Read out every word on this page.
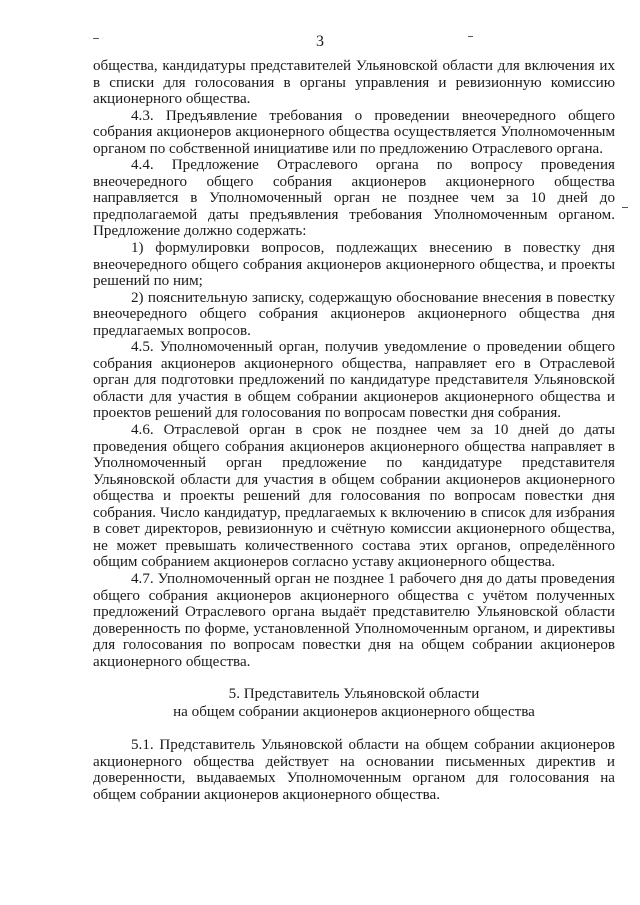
3

общества, кандидатуры представителей Ульяновской области для включения их в списки для голосования в органы управления и ревизионную комиссию акционерного общества.

4.3. Предъявление требования о проведении внеочередного общего собрания акционеров акционерного общества осуществляется Уполномоченным органом по собственной инициативе или по предложению Отраслевого органа.

4.4. Предложение Отраслевого органа по вопросу проведения внеочередного общего собрания акционеров акционерного общества направляется в Уполномоченный орган не позднее чем за 10 дней до предполагаемой даты предъявления требования Уполномоченным органом. Предложение должно содержать:

1) формулировки вопросов, подлежащих внесению в повестку дня внеочередного общего собрания акционеров акционерного общества, и проекты решений по ним;

2) пояснительную записку, содержащую обоснование внесения в повестку внеочередного общего собрания акционеров акционерного общества дня предлагаемых вопросов.

4.5. Уполномоченный орган, получив уведомление о проведении общего собрания акционеров акционерного общества, направляет его в Отраслевой орган для подготовки предложений по кандидатуре представителя Ульяновской области для участия в общем собрании акционеров акционерного общества и проектов решений для голосования по вопросам повестки дня собрания.

4.6. Отраслевой орган в срок не позднее чем за 10 дней до даты проведения общего собрания акционеров акционерного общества направляет в Уполномоченный орган предложение по кандидатуре представителя Ульяновской области для участия в общем собрании акционеров акционерного общества и проекты решений для голосования по вопросам повестки дня собрания. Число кандидатур, предлагаемых к включению в список для избрания в совет директоров, ревизионную и счётную комиссии акционерного общества, не может превышать количественного состава этих органов, определённого общим собранием акционеров согласно уставу акционерного общества.

4.7. Уполномоченный орган не позднее 1 рабочего дня до даты проведения общего собрания акционеров акционерного общества с учётом полученных предложений Отраслевого органа выдаёт представителю Ульяновской области доверенность по форме, установленной Уполномоченным органом, и директивы для голосования по вопросам повестки дня на общем собрании акционеров акционерного общества.

5. Представитель Ульяновской области
на общем собрании акционеров акционерного общества

5.1. Представитель Ульяновской области на общем собрании акционеров акционерного общества действует на основании письменных директив и доверенности, выдаваемых Уполномоченным органом для голосования на общем собрании акционеров акционерного общества.
